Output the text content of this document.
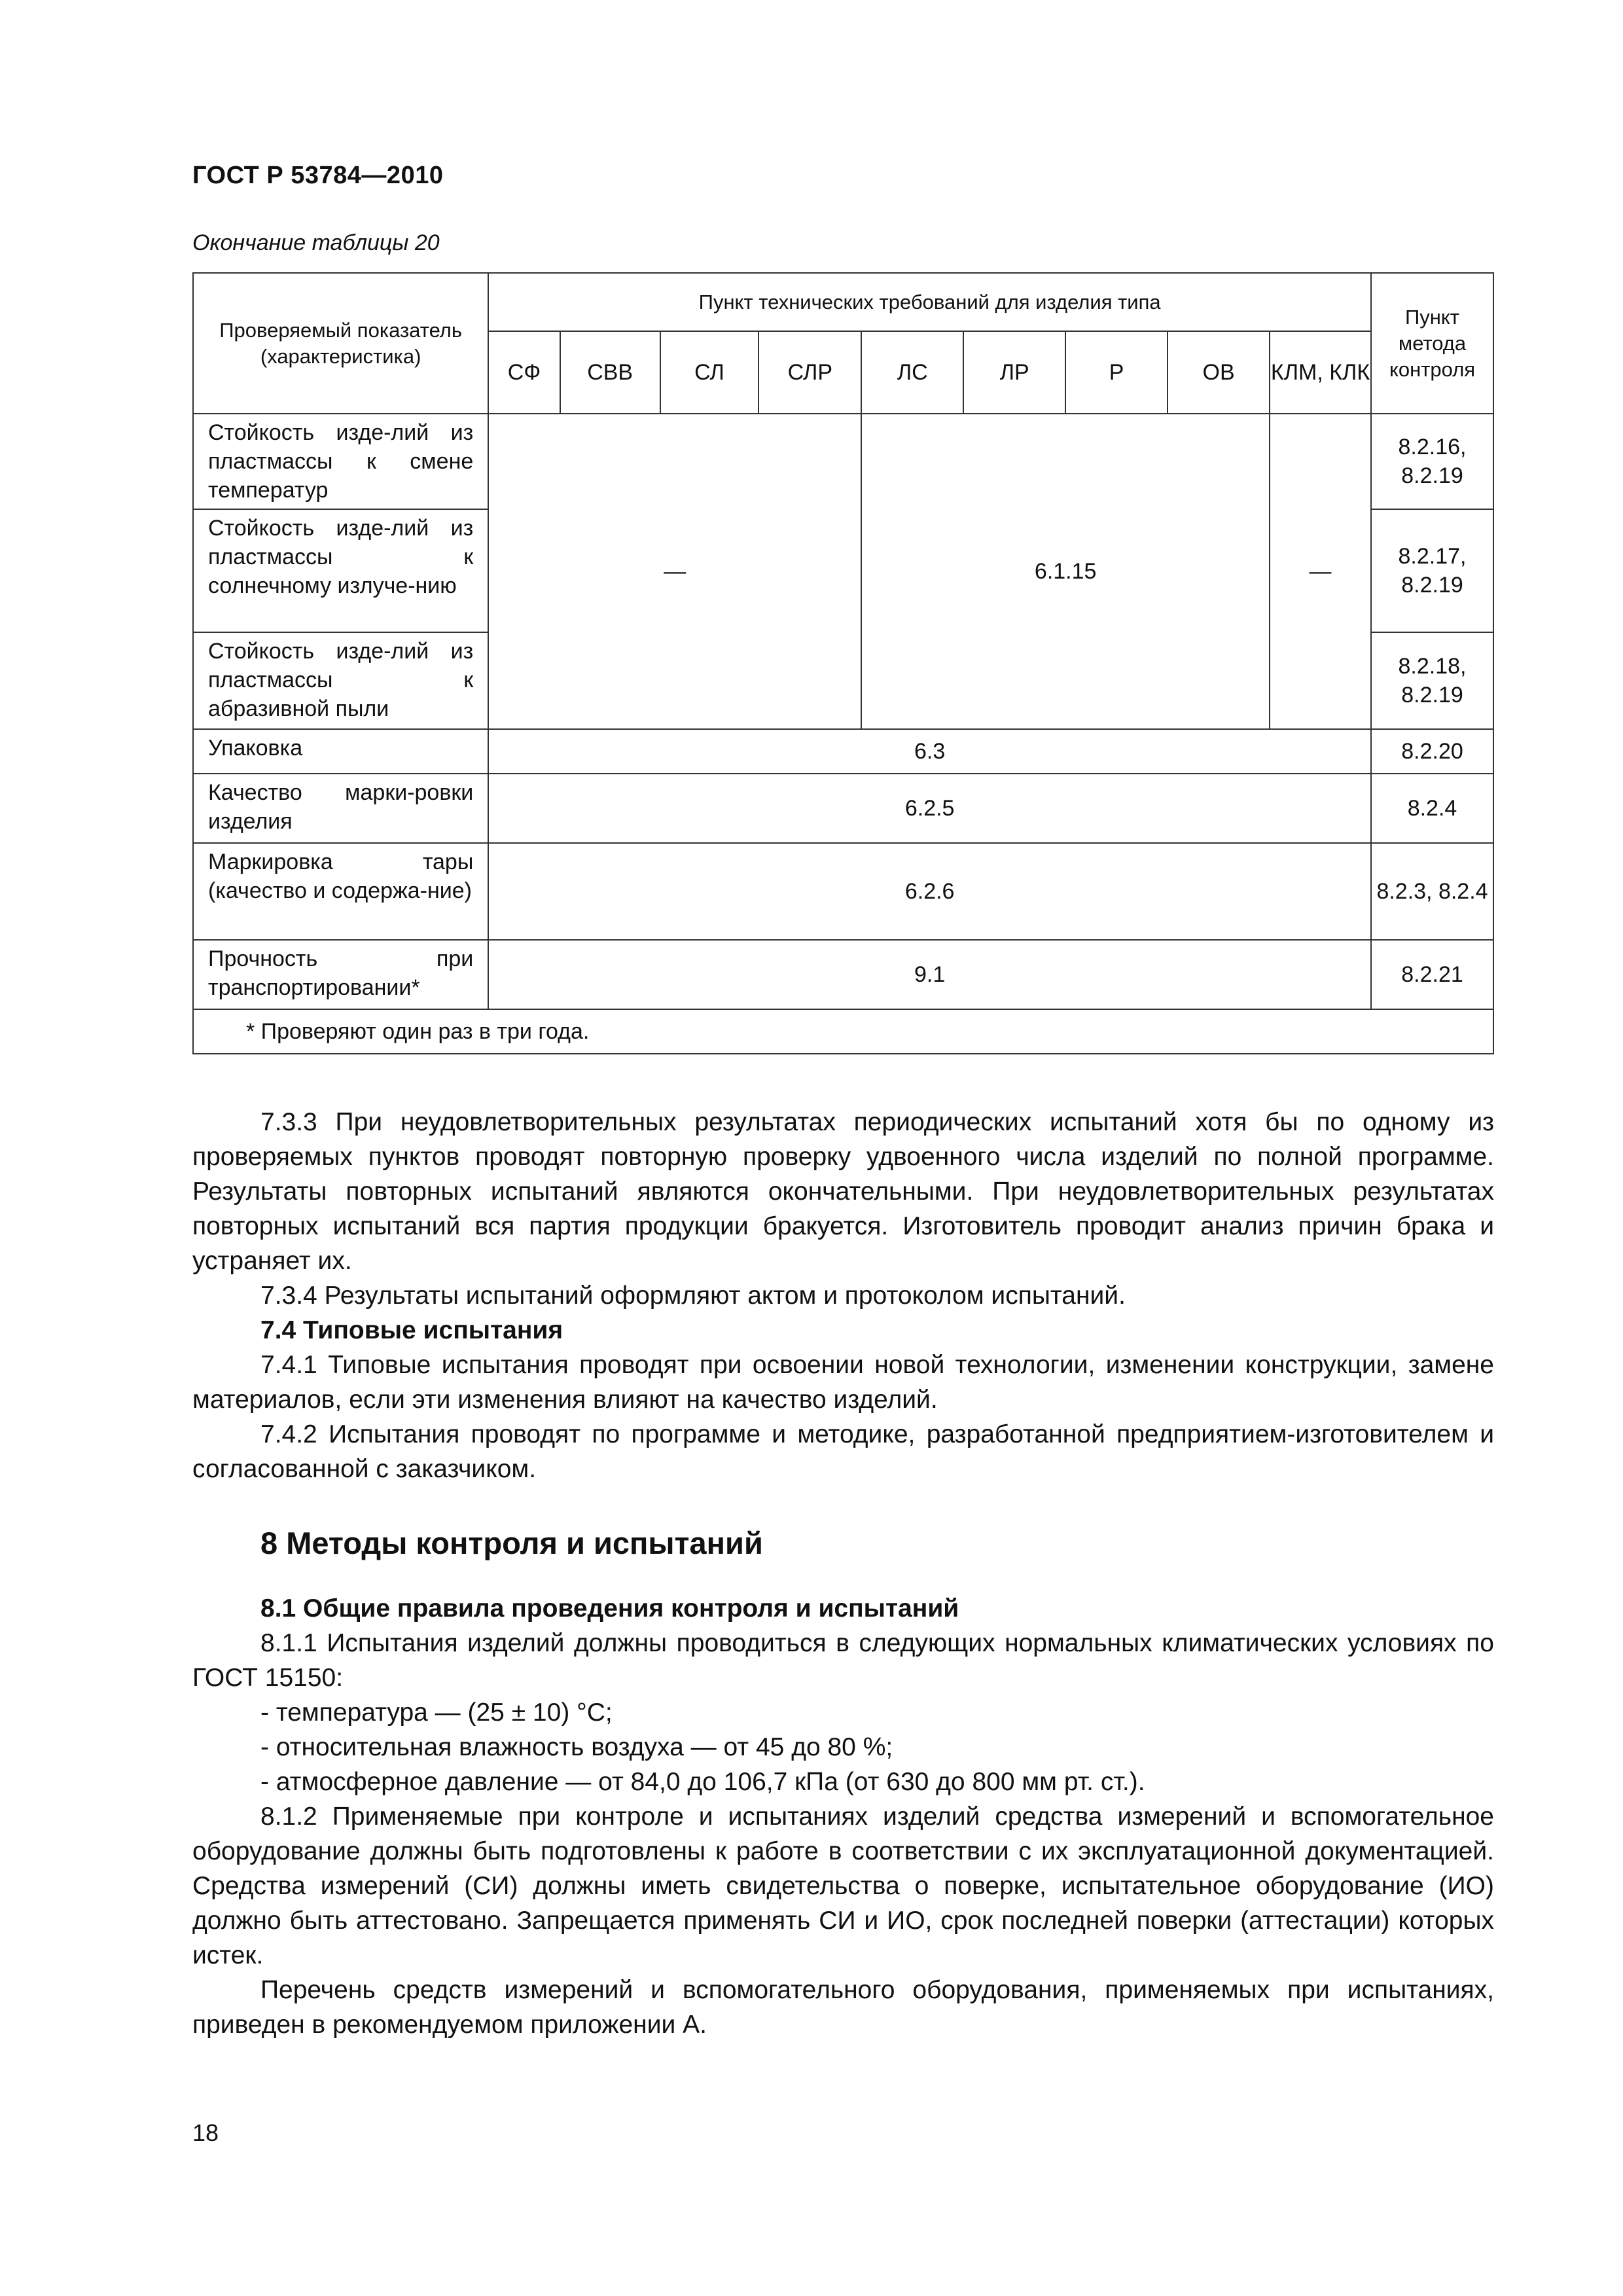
ГОСТ Р 53784—2010
Окончание таблицы 20
Проверяемый показатель (характеристика)	Пункт технических требований для изделия типа									Пункт метода контроля
	СФ	СВВ	СЛ	СЛР	ЛС	ЛР	Р	ОВ	КЛМ, КЛК	
Стойкость изде-лий из пластмассы к смене температур	—				6.1.15				—	8.2.16, 8.2.19
Стойкость изде-лий из пластмассы к солнечному излуче-нию										8.2.17, 8.2.19
Стойкость изде-лий из пластмассы к абразивной пыли										8.2.18, 8.2.19
Упаковка	6.3									8.2.20
Качество марки-ровки изделия	6.2.5									8.2.4
Маркировка тары (качество и содержа-ние)	6.2.6									8.2.3, 8.2.4
Прочность при транспортировании*	9.1									8.2.21
* Проверяют один раз в три года.										

7.3.3 При неудовлетворительных результатах периодических испытаний хотя бы по одному из проверяемых пунктов проводят повторную проверку удвоенного числа изделий по полной программе. Результаты повторных испытаний являются окончательными. При неудовлетворительных результатах повторных испытаний вся партия продукции бракуется. Изготовитель проводит анализ причин брака и устраняет их.

7.3.4 Результаты испытаний оформляют актом и протоколом испытаний.

7.4 Типовые испытания

7.4.1 Типовые испытания проводят при освоении новой технологии, изменении конструкции, замене материалов, если эти изменения влияют на качество изделий.

7.4.2 Испытания проводят по программе и методике, разработанной предприятием-изготовителем и согласованной с заказчиком.

8 Методы контроля и испытаний

8.1 Общие правила проведения контроля и испытаний

8.1.1 Испытания изделий должны проводиться в следующих нормальных климатических условиях по ГОСТ 15150:

- температура — (25 ± 10) °С;

- относительная влажность воздуха — от 45 до 80 %;

- атмосферное давление — от 84,0 до 106,7 кПа (от 630 до 800 мм рт. ст.).

8.1.2 Применяемые при контроле и испытаниях изделий средства измерений и вспомогательное оборудование должны быть подготовлены к работе в соответствии с их эксплуатационной документацией. Средства измерений (СИ) должны иметь свидетельства о поверке, испытательное оборудование (ИО) должно быть аттестовано. Запрещается применять СИ и ИО, срок последней поверки (аттестации) которых истек.

Перечень средств измерений и вспомогательного оборудования, применяемых при испытаниях, приведен в рекомендуемом приложении А.

18
